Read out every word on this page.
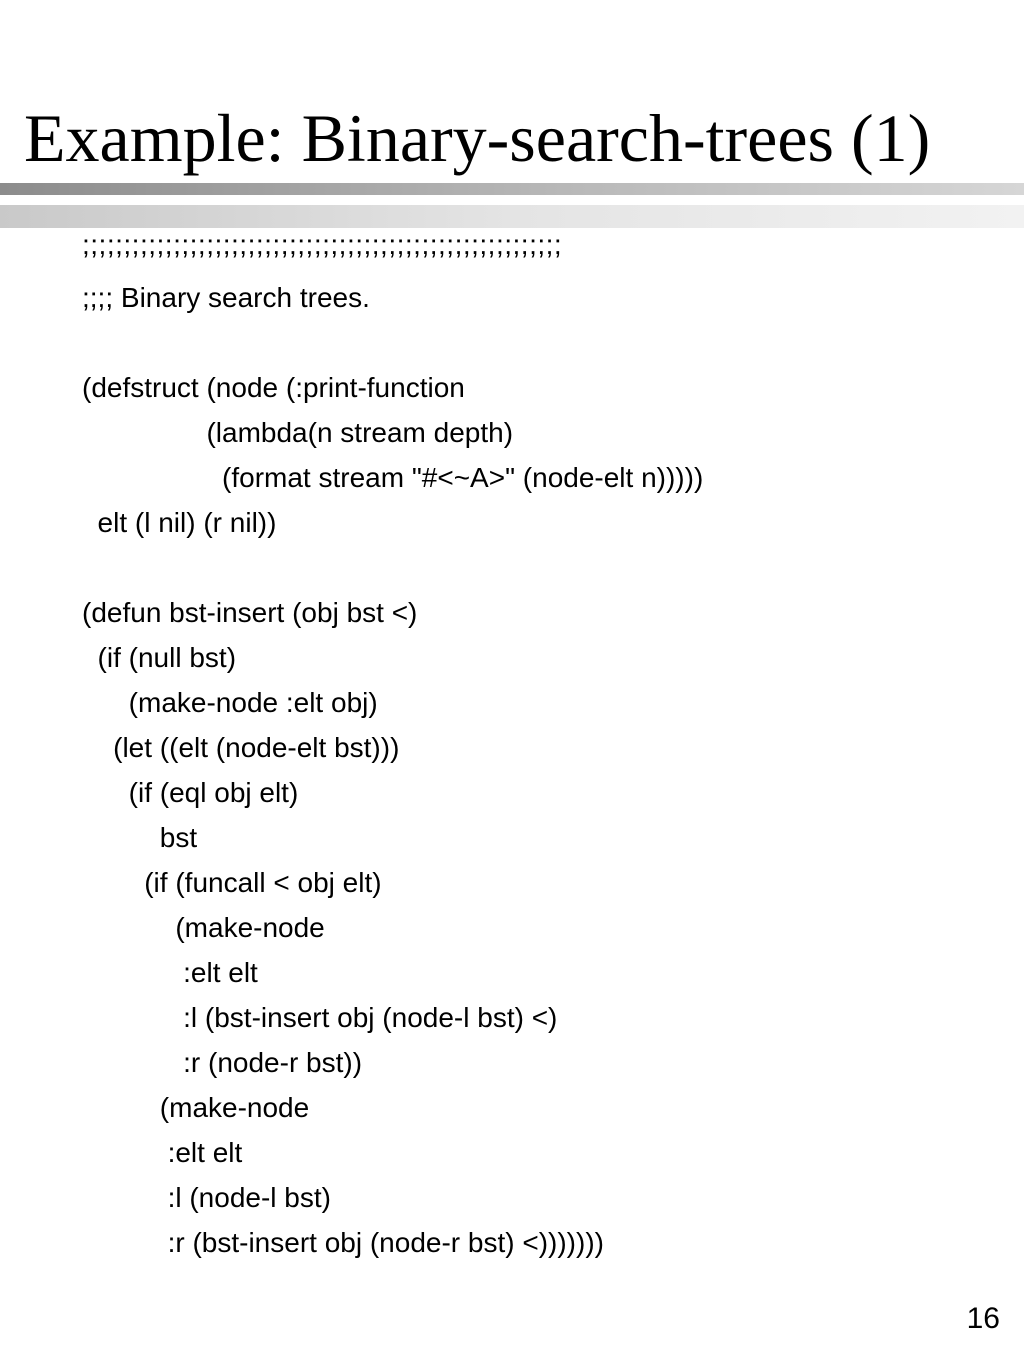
Example: Binary-search-trees (1)
;;;;;;;;;;;;;;;;;;;;;;;;;;;;;;;;;;;;;;;;;;;;;;;;;;;;;;;;;;
;;;; Binary search trees.
(defstruct (node (:print-function
(lambda(n stream depth)
(format stream "#<~A>" (node-elt n)))))
elt (l nil) (r nil))
(defun bst-insert (obj bst <)
(if (null bst)
(make-node :elt obj)
(let ((elt (node-elt bst)))
(if (eql obj elt)
bst
(if (funcall < obj elt)
(make-node
:elt elt
:l (bst-insert obj (node-l bst) <)
:r (node-r bst))
(make-node
:elt elt
:l (node-l bst)
:r (bst-insert obj (node-r bst) <)))))))
16
